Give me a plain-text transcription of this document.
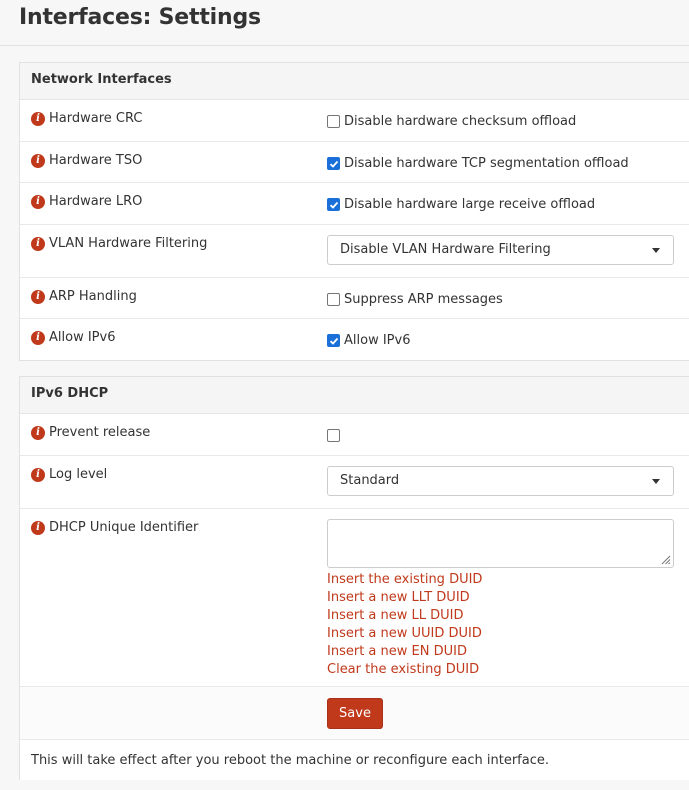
Interfaces: Settings
Network Interfaces
i Hardware CRC	Disable hardware checksum offload
i Hardware TSO	Disable hardware TCP segmentation offload
i Hardware LRO	Disable hardware large receive offload
i VLAN Hardware Filtering	Disable VLAN Hardware Filtering
i ARP Handling	Suppress ARP messages
i Allow IPv6	Allow IPv6
IPv6 DHCP
i Prevent release
i Log level	Standard
i DHCP Unique Identifier
Insert the existing DUID
Insert a new LLT DUID
Insert a new LL DUID
Insert a new UUID DUID
Insert a new EN DUID
Clear the existing DUID
Save
This will take effect after you reboot the machine or reconfigure each interface.
